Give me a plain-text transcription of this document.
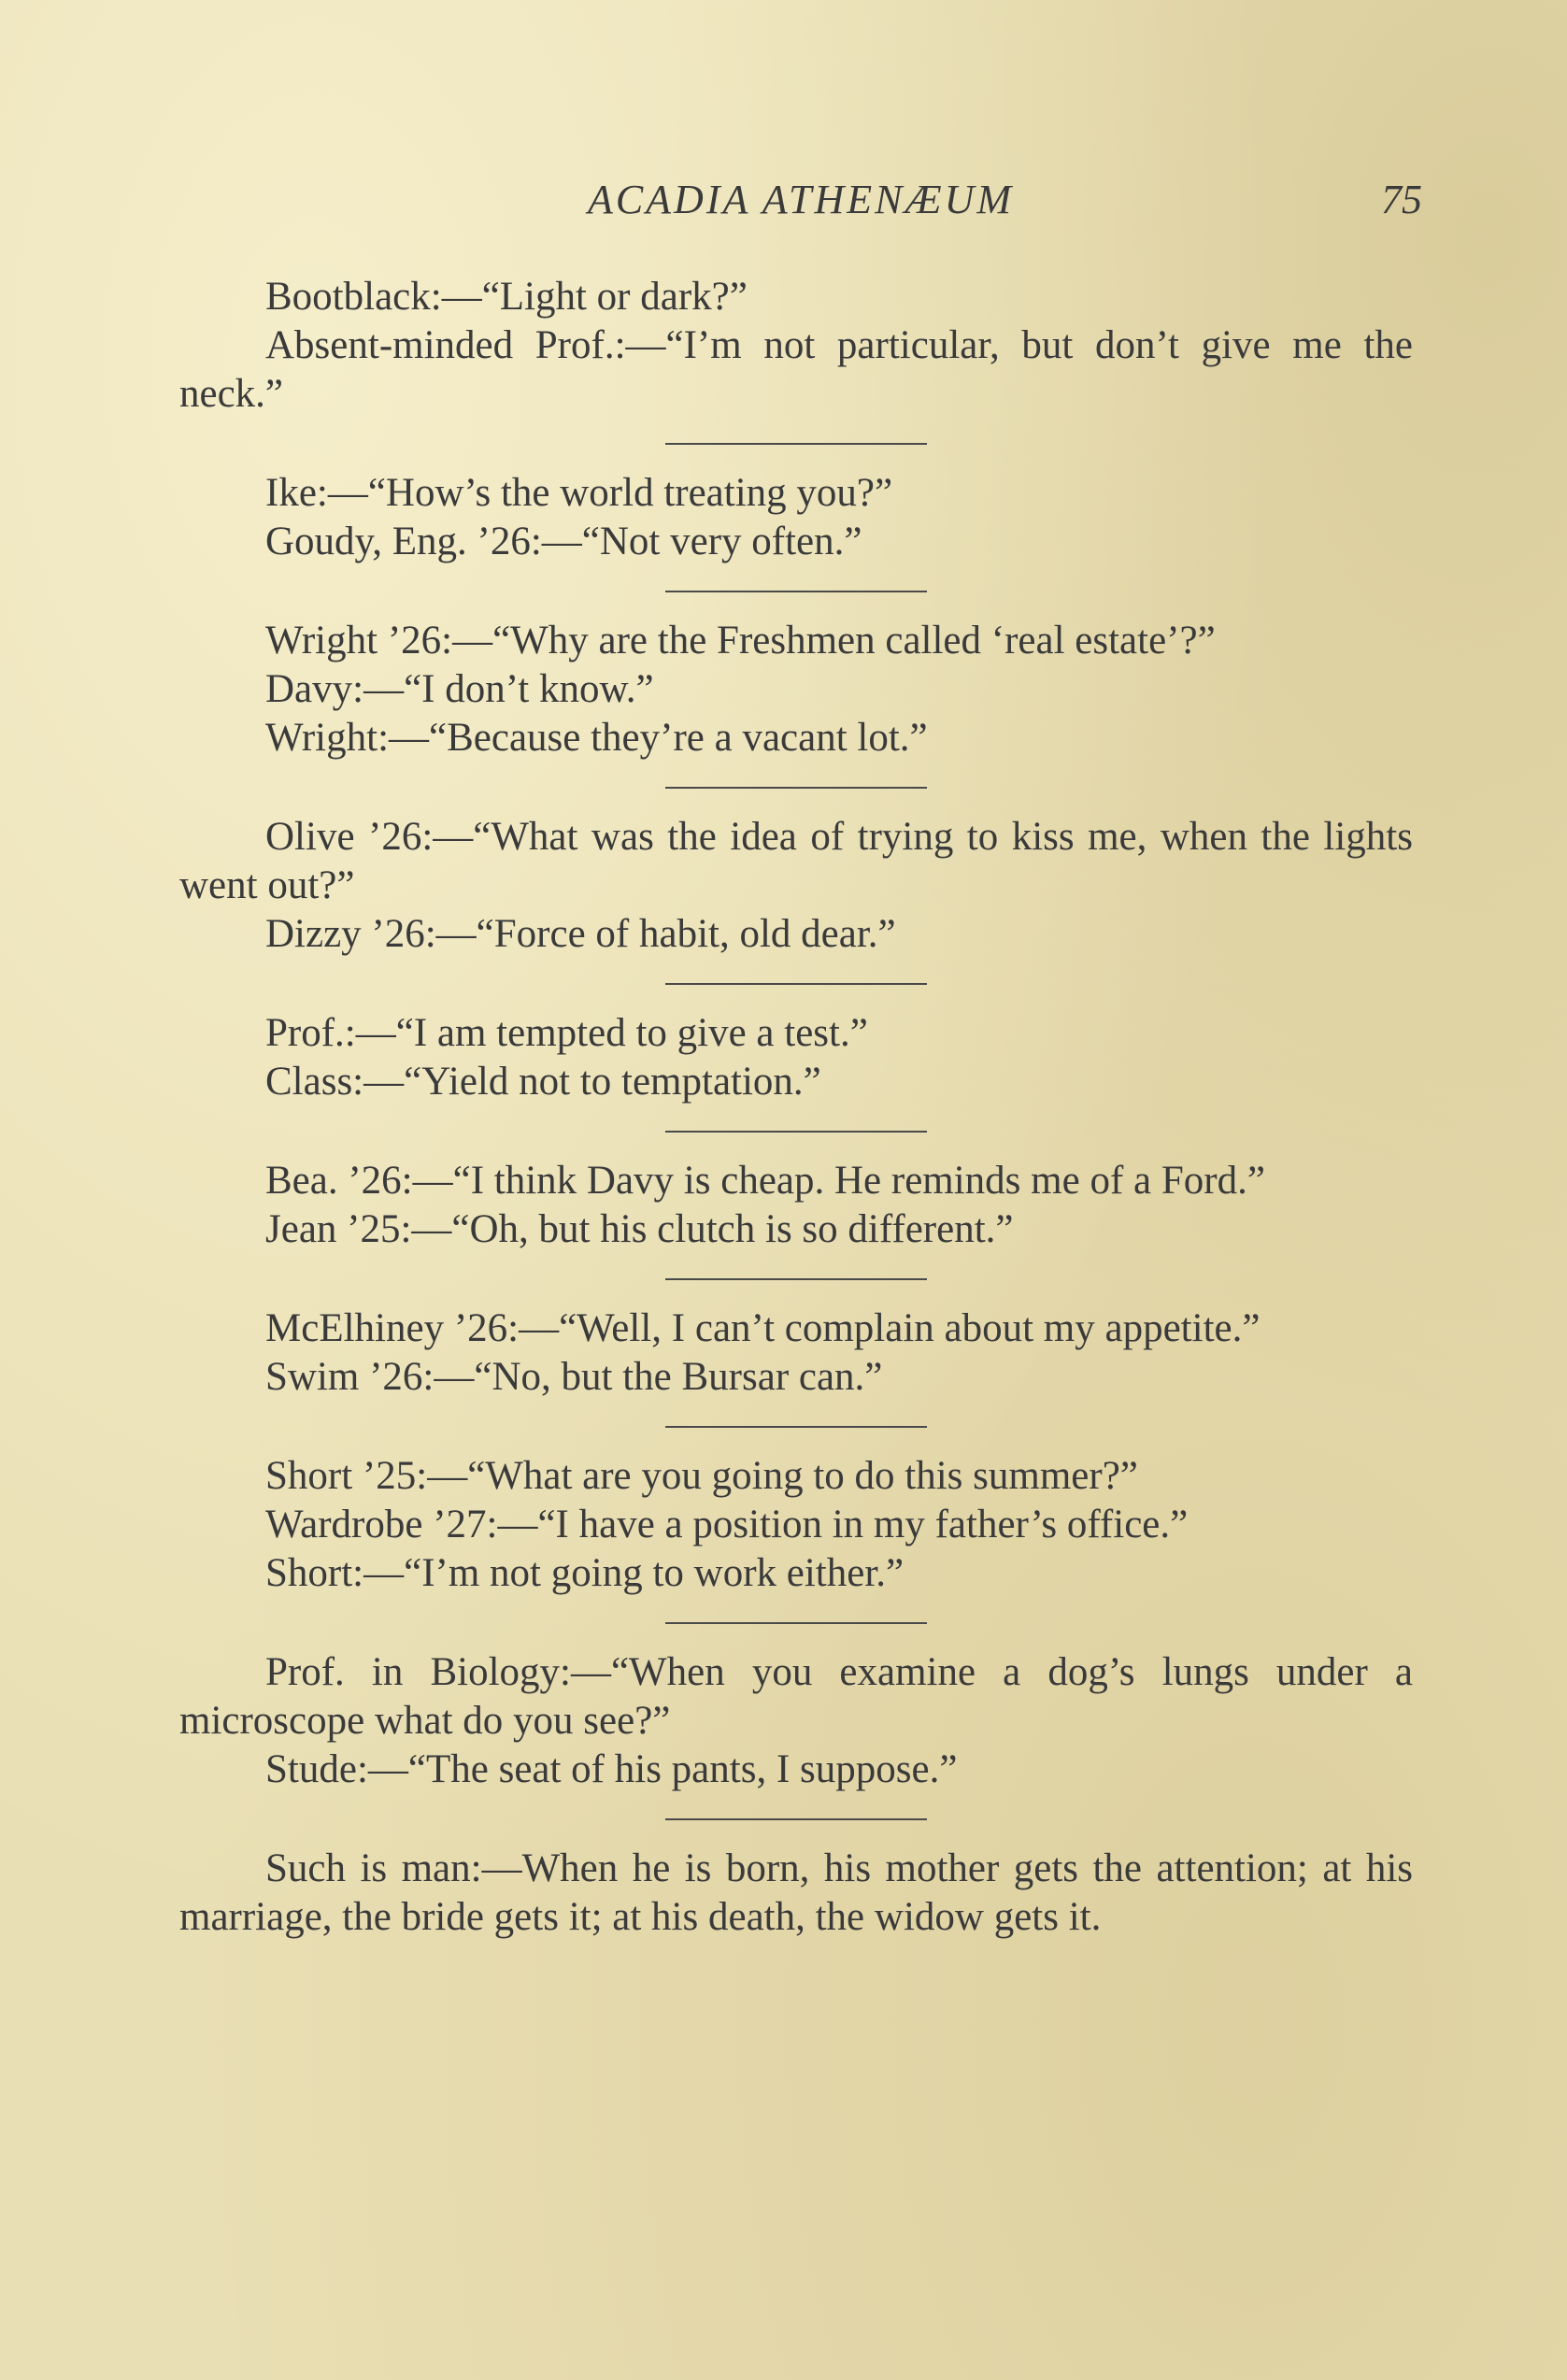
ACADIA ATHENÆUM	75

Bootblack:—“Light or dark?”

Absent-minded Prof.:—“I’m not particular, but don’t give me the neck.”

Ike:—“How’s the world treating you?”

Goudy, Eng. ’26:—“Not very often.”

Wright ’26:—“Why are the Freshmen called ‘real estate’?”

Davy:—“I don’t know.”

Wright:—“Because they’re a vacant lot.”

Olive ’26:—“What was the idea of trying to kiss me, when the lights went out?”

Dizzy ’26:—“Force of habit, old dear.”

Prof.:—“I am tempted to give a test.”

Class:—“Yield not to temptation.”

Bea. ’26:—“I think Davy is cheap. He reminds me of a Ford.”

Jean ’25:—“Oh, but his clutch is so different.”

McElhiney ’26:—“Well, I can’t complain about my appetite.”

Swim ’26:—“No, but the Bursar can.”

Short ’25:—“What are you going to do this summer?”

Wardrobe ’27:—“I have a position in my father’s office.”

Short:—“I’m not going to work either.”

Prof. in Biology:—“When you examine a dog’s lungs under a microscope what do you see?”

Stude:—“The seat of his pants, I suppose.”

Such is man:—When he is born, his mother gets the attention; at his marriage, the bride gets it; at his death, the widow gets it.
